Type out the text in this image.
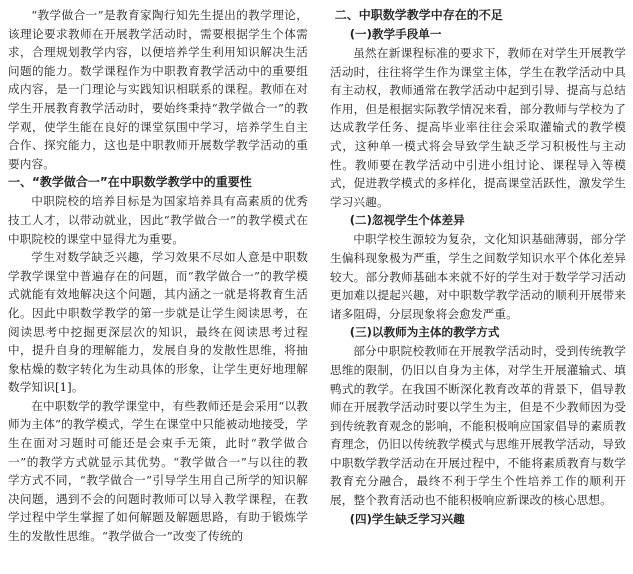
“教学做合一”是教育家陶行知先生提出的教学理论，该理论要求教师在开展教学活动时，需要根据学生个体需求，合理规划教学内容，以便培养学生利用知识解决生活问题的能力。数学课程作为中职教育教学活动中的重要组成内容，是一门理论与实践知识相联系的课程。教师在对学生开展教育教学活动时，要始终秉持“教学做合一”的教学观，使学生能在良好的课堂氛围中学习，培养学生自主合作、探究能力，这也是中职教师开展数学教学活动的重要内容。

一、“教学做合一”在中职数学教学中的重要性

中职院校的培养目标是为国家培养具有高素质的优秀技工人才，以带动就业，因此“教学做合一”的教学模式在中职院校的课堂中显得尤为重要。

学生对数学缺乏兴趣，学习效果不尽如人意是中职数学教学课堂中普遍存在的问题，而“教学做合一”的教学模式就能有效地解决这个问题，其内涵之一就是将教育生活化。因此中职数学教学的第一步就是让学生阅读思考，在阅读思考中挖掘更深层次的知识，最终在阅读思考过程中，提升自身的理解能力，发展自身的发散性思维，将抽象枯燥的数字转化为生动具体的形象，让学生更好地理解数学知识[1]。

在中职数学的教学课堂中，有些教师还是会采用“以教师为主体”的教学模式，学生在课堂中只能被动地接受，学生在面对习题时可能还是会束手无策，此时“教学做合一”的教学方式就显示其优势。“教学做合一”与以往的教学方式不同，“教学做合一”引导学生用自己所学的知识解决问题，遇到不会的问题时教师可以导入教学课程，在教学过程中学生掌握了如何解题及解题思路，有助于锻炼学生的发散性思维。“教学做合一”改变了传统的

二、中职数学教学中存在的不足

(一)教学手段单一

虽然在新课程标准的要求下，教师在对学生开展教学活动时，往往将学生作为课堂主体，学生在教学活动中具有主动权，教师通常在教学活动中起到引导、提高与总结作用，但是根据实际教学情况来看，部分教师与学校为了达成教学任务、提高毕业率往往会采取灌输式的教学模式，这种单一模式将会导致学生缺乏学习积极性与主动性。教师要在教学活动中引进小组讨论、课程导入等模式，促进教学模式的多样化，提高课堂活跃性，激发学生学习兴趣。

(二)忽视学生个体差异

中职学校生源较为复杂，文化知识基础薄弱，部分学生偏科现象极为严重，学生之间数学知识水平个体化差异较大。部分教师基础本来就不好的学生对于数学学习活动更加难以提起兴趣，对中职数学教学活动的顺利开展带来诸多阻碍，分层现象将会愈发严重。

(三)以教师为主体的教学方式

部分中职院校教师在开展教学活动时，受到传统教学思维的限制，仍旧以自身为主体，对学生开展灌输式、填鸭式的教学。在我国不断深化教育改革的背景下，倡导教师在开展教学活动时要以学生为主，但是不少教师因为受到传统教育观念的影响，不能积极响应国家倡导的素质教育理念，仍旧以传统教学模式与思维开展教学活动，导致中职数学教学活动在开展过程中，不能将素质教育与数学教育充分融合，最终不利于学生个性培养工作的顺利开展，整个教育活动也不能积极响应新课改的核心思想。

(四)学生缺乏学习兴趣
